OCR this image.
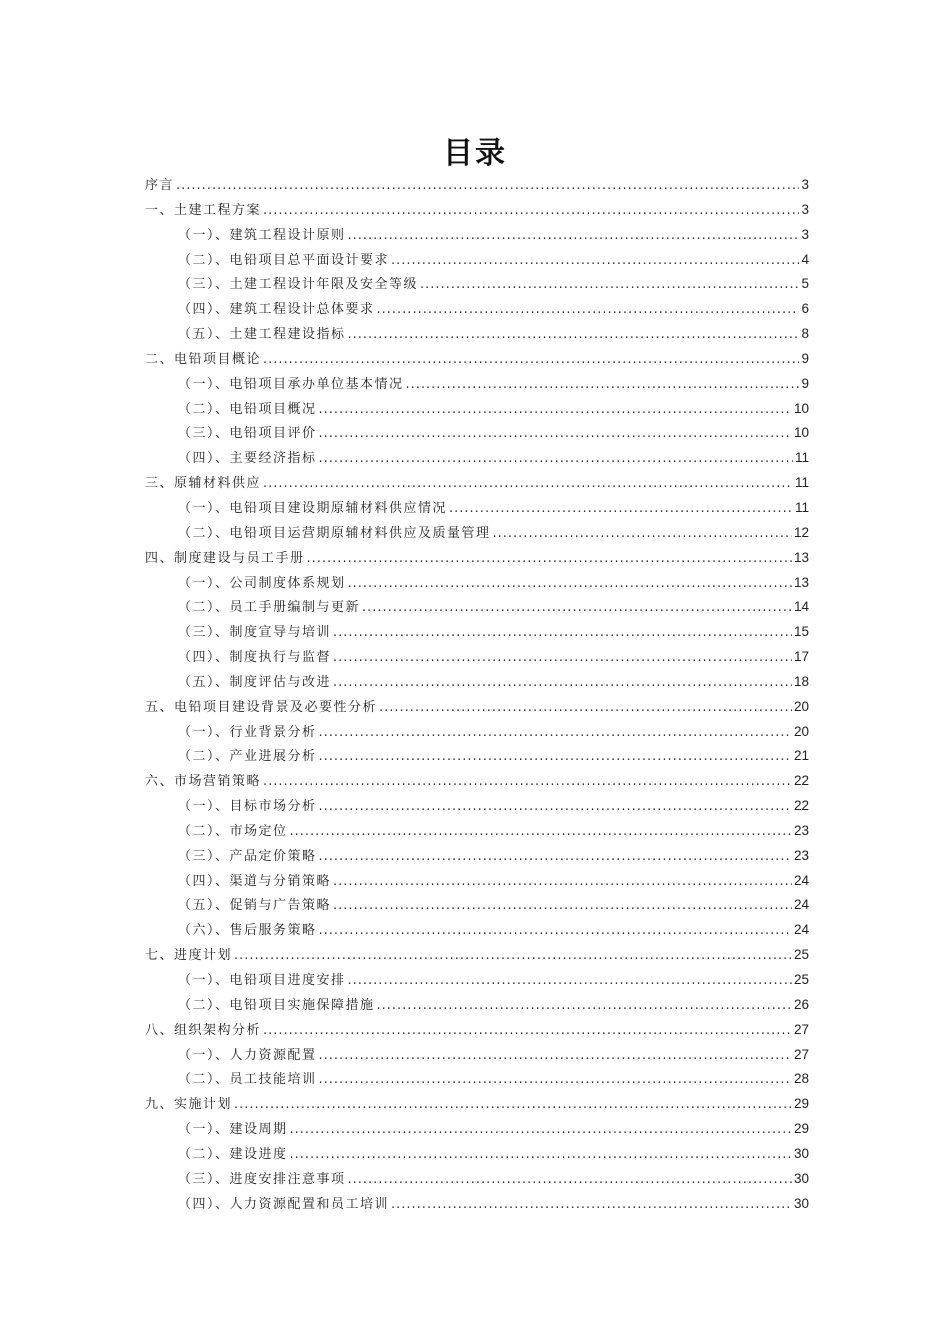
目录
序言 .....	3
一、土建工程方案 .....	3
（一）、建筑工程设计原则 .....	3
（二）、电铅项目总平面设计要求 .....	4
（三）、土建工程设计年限及安全等级 .....	5
（四）、建筑工程设计总体要求 .....	6
（五）、土建工程建设指标 .....	8
二、电铅项目概论 .....	9
（一）、电铅项目承办单位基本情况 .....	9
（二）、电铅项目概况 .....	10
（三）、电铅项目评价 .....	10
（四）、主要经济指标 .....	11
三、原辅材料供应 .....	11
（一）、电铅项目建设期原辅材料供应情况 .....	11
（二）、电铅项目运营期原辅材料供应及质量管理 .....	12
四、制度建设与员工手册 .....	13
（一）、公司制度体系规划 .....	13
（二）、员工手册编制与更新 .....	14
（三）、制度宣导与培训 .....	15
（四）、制度执行与监督 .....	17
（五）、制度评估与改进 .....	18
五、电铅项目建设背景及必要性分析 .....	20
（一）、行业背景分析 .....	20
（二）、产业进展分析 .....	21
六、市场营销策略 .....	22
（一）、目标市场分析 .....	22
（二）、市场定位 .....	23
（三）、产品定价策略 .....	23
（四）、渠道与分销策略 .....	24
（五）、促销与广告策略 .....	24
（六）、售后服务策略 .....	24
七、进度计划 .....	25
（一）、电铅项目进度安排 .....	25
（二）、电铅项目实施保障措施 .....	26
八、组织架构分析 .....	27
（一）、人力资源配置 .....	27
（二）、员工技能培训 .....	28
九、实施计划 .....	29
（一）、建设周期 .....	29
（二）、建设进度 .....	30
（三）、进度安排注意事项 .....	30
（四）、人力资源配置和员工培训 .....	30
